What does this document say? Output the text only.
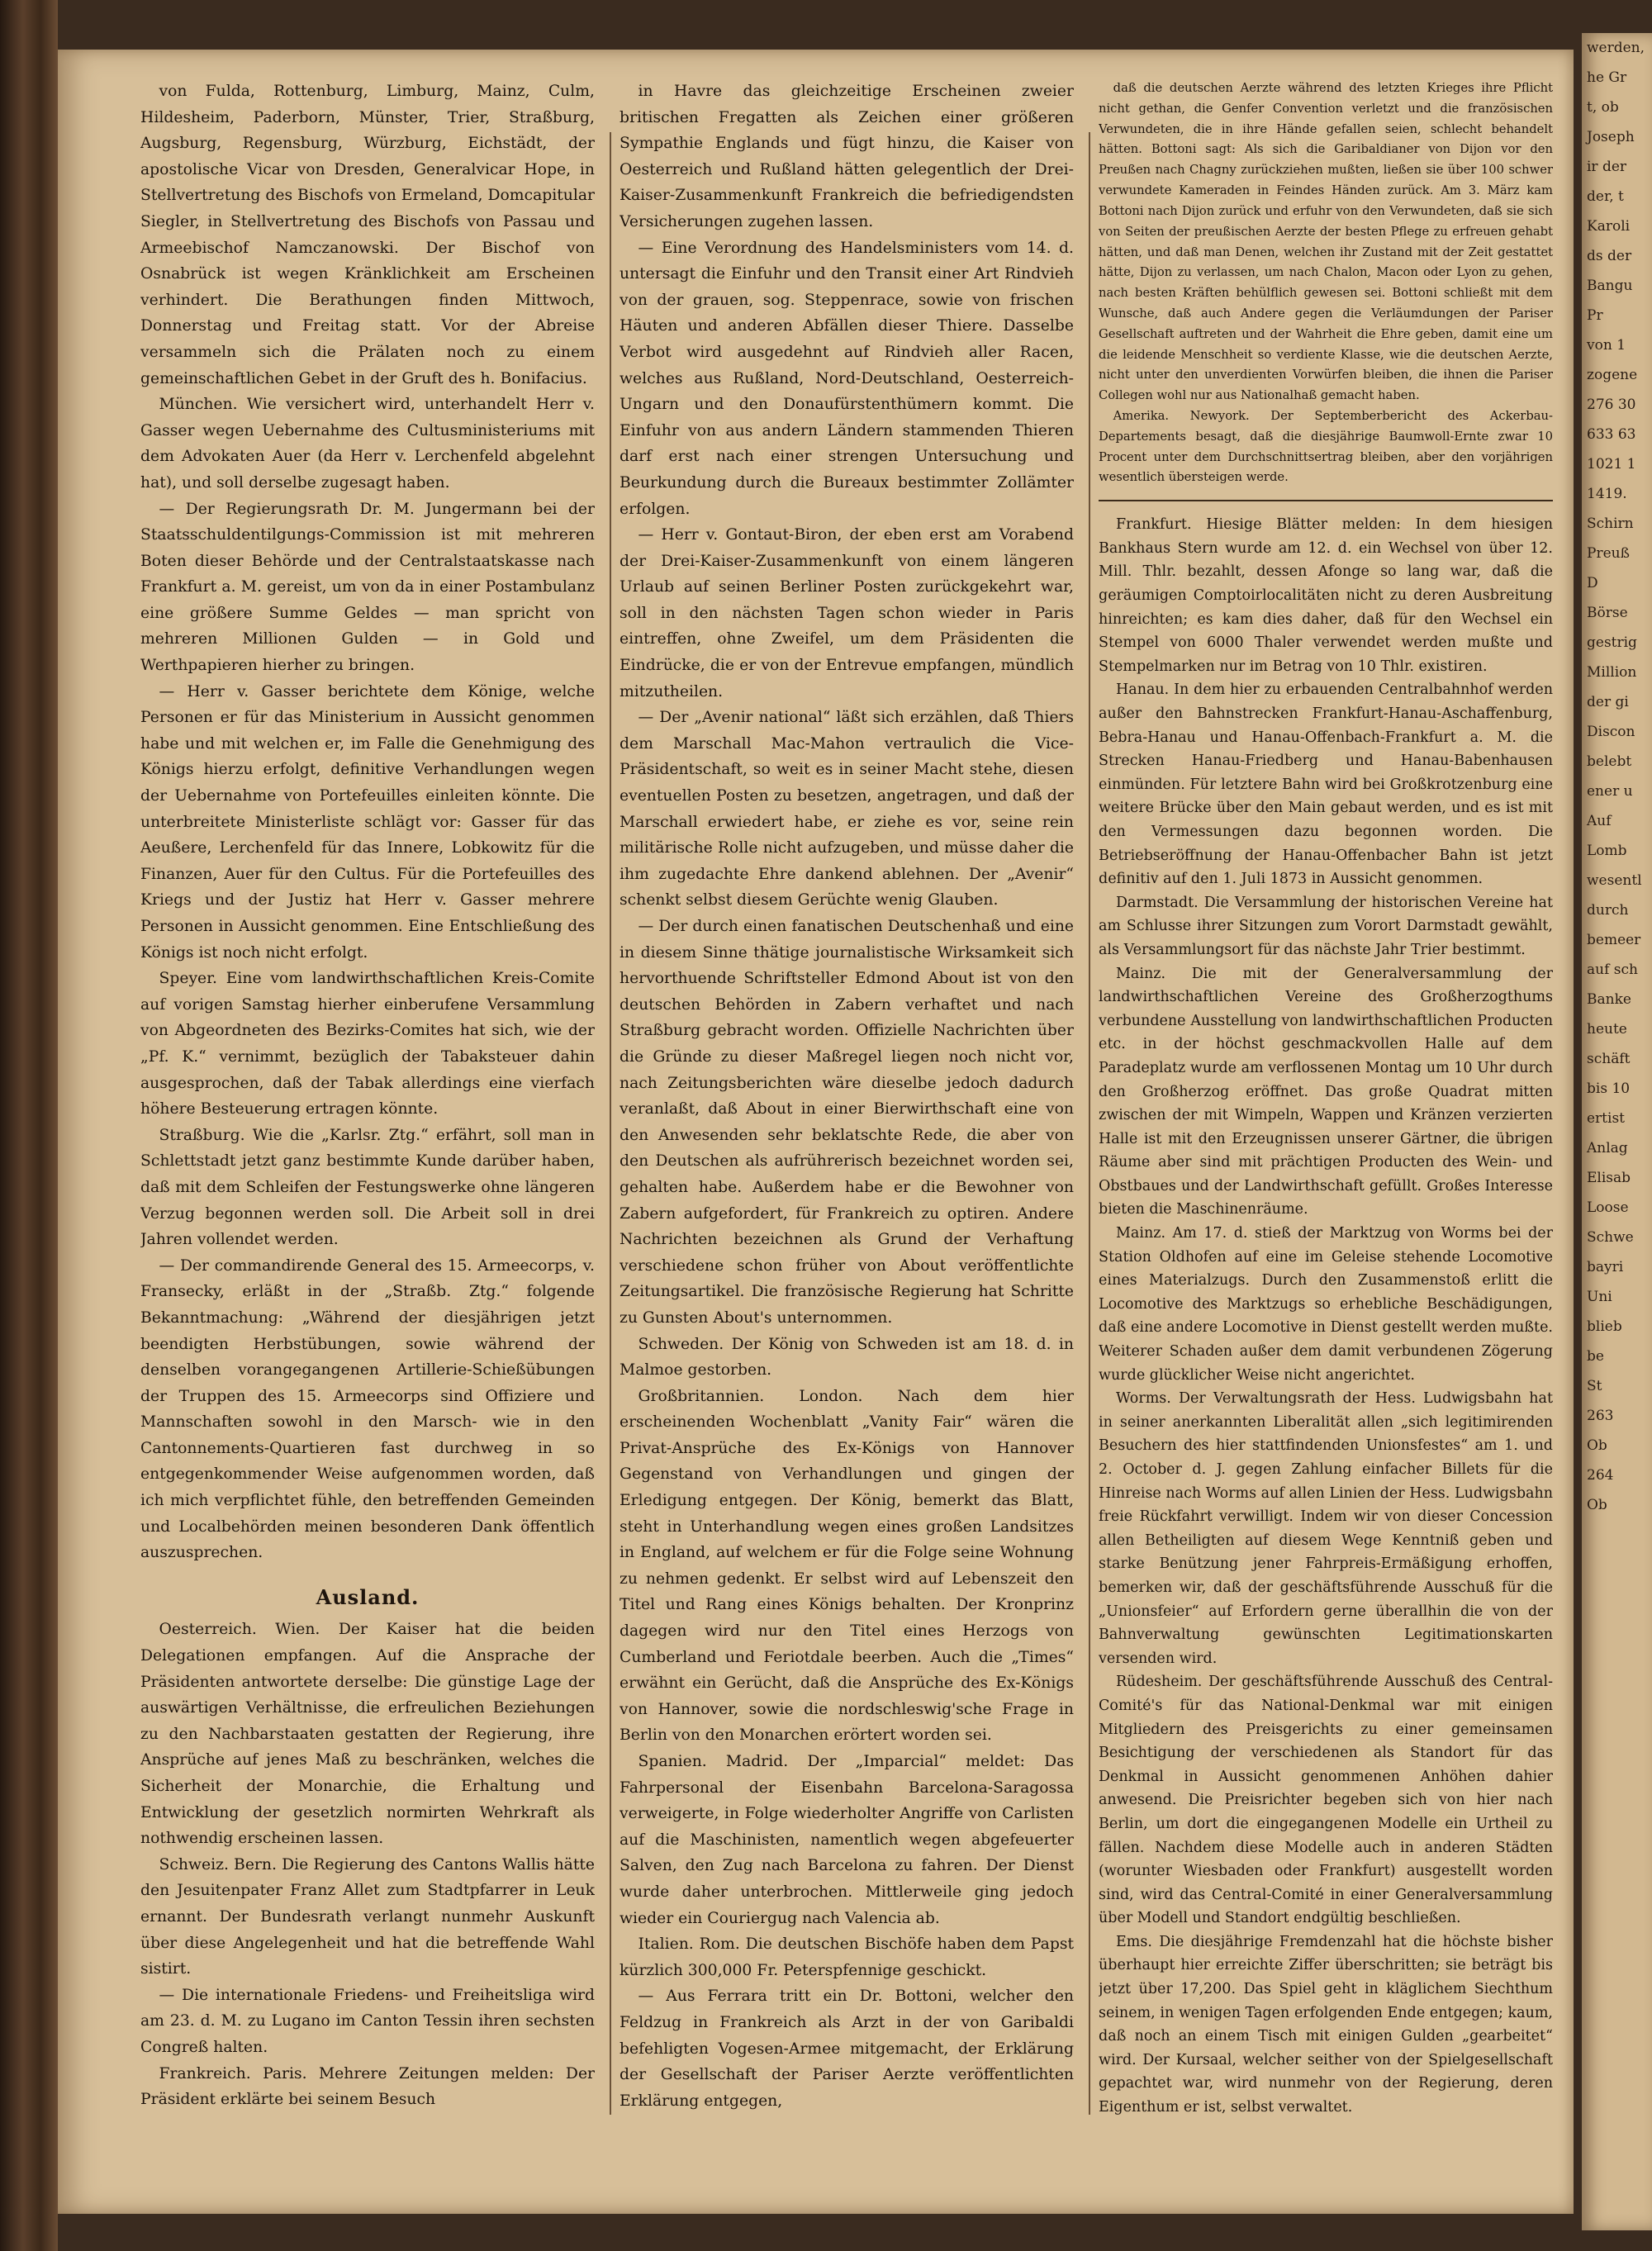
werden,
he Gr
t, ob
Joseph
ir der
der, t
Karoli
ds der
Bangu
Pr
von 1
zogene
276 30
633 63
1021 1
1419.
Schirn
Preuß
D
Börse
gestrig
Million
der gi
Discon
belebt
ener u
Auf
Lomb
wesentl
durch
bemeer
auf sch
Banke
heute
schäft
bis 10
ertist
Anlag
Elisab
Loose
Schwe
bayri
Uni
blieb
be
St
263
Ob
264
Ob

von Fulda, Rottenburg, Limburg, Mainz, Culm, Hildesheim, Paderborn, Münster, Trier, Straßburg, Augsburg, Regensburg, Würzburg, Eichstädt, der apostolische Vicar von Dresden, Generalvicar Hope, in Stellvertretung des Bischofs von Ermeland, Domcapitular Siegler, in Stellvertretung des Bischofs von Passau und Armeebischof Namczanowski. Der Bischof von Osnabrück ist wegen Kränklichkeit am Erscheinen verhindert. Die Berathungen finden Mittwoch, Donnerstag und Freitag statt. Vor der Abreise versammeln sich die Prälaten noch zu einem gemeinschaftlichen Gebet in der Gruft des h. Bonifacius.

München. Wie versichert wird, unterhandelt Herr v. Gasser wegen Uebernahme des Cultusministeriums mit dem Advokaten Auer (da Herr v. Lerchenfeld abgelehnt hat), und soll derselbe zugesagt haben.

— Der Regierungsrath Dr. M. Jungermann bei der Staatsschuldentilgungs-Commission ist mit mehreren Boten dieser Behörde und der Centralstaatskasse nach Frankfurt a. M. gereist, um von da in einer Postambulanz eine größere Summe Geldes — man spricht von mehreren Millionen Gulden — in Gold und Werthpapieren hierher zu bringen.

— Herr v. Gasser berichtete dem Könige, welche Personen er für das Ministerium in Aussicht genommen habe und mit welchen er, im Falle die Genehmigung des Königs hierzu erfolgt, definitive Verhandlungen wegen der Uebernahme von Portefeuilles einleiten könnte. Die unterbreitete Ministerliste schlägt vor: Gasser für das Aeußere, Lerchenfeld für das Innere, Lobkowitz für die Finanzen, Auer für den Cultus. Für die Portefeuilles des Kriegs und der Justiz hat Herr v. Gasser mehrere Personen in Aussicht genommen. Eine Entschließung des Königs ist noch nicht erfolgt.

Speyer. Eine vom landwirthschaftlichen Kreis-Comite auf vorigen Samstag hierher einberufene Versammlung von Abgeordneten des Bezirks-Comites hat sich, wie der „Pf. K.“ vernimmt, bezüglich der Tabaksteuer dahin ausgesprochen, daß der Tabak allerdings eine vierfach höhere Besteuerung ertragen könnte.

Straßburg. Wie die „Karlsr. Ztg.“ erfährt, soll man in Schlettstadt jetzt ganz bestimmte Kunde darüber haben, daß mit dem Schleifen der Festungswerke ohne längeren Verzug begonnen werden soll. Die Arbeit soll in drei Jahren vollendet werden.

— Der commandirende General des 15. Armeecorps, v. Fransecky, erläßt in der „Straßb. Ztg.“ folgende Bekanntmachung: „Während der diesjährigen jetzt beendigten Herbstübungen, sowie während der denselben vorangegangenen Artillerie-Schießübungen der Truppen des 15. Armeecorps sind Offiziere und Mannschaften sowohl in den Marsch- wie in den Cantonnements-Quartieren fast durchweg in so entgegenkommender Weise aufgenommen worden, daß ich mich verpflichtet fühle, den betreffenden Gemeinden und Localbehörden meinen besonderen Dank öffentlich auszusprechen.

Ausland.

Oesterreich. Wien. Der Kaiser hat die beiden Delegationen empfangen. Auf die Ansprache der Präsidenten antwortete derselbe: Die günstige Lage der auswärtigen Verhältnisse, die erfreulichen Beziehungen zu den Nachbarstaaten gestatten der Regierung, ihre Ansprüche auf jenes Maß zu beschränken, welches die Sicherheit der Monarchie, die Erhaltung und Entwicklung der gesetzlich normirten Wehrkraft als nothwendig erscheinen lassen.

Schweiz. Bern. Die Regierung des Cantons Wallis hätte den Jesuitenpater Franz Allet zum Stadtpfarrer in Leuk ernannt. Der Bundesrath verlangt nunmehr Auskunft über diese Angelegenheit und hat die betreffende Wahl sistirt.

— Die internationale Friedens- und Freiheitsliga wird am 23. d. M. zu Lugano im Canton Tessin ihren sechsten Congreß halten.

Frankreich. Paris. Mehrere Zeitungen melden: Der Präsident erklärte bei seinem Besuch

in Havre das gleichzeitige Erscheinen zweier britischen Fregatten als Zeichen einer größeren Sympathie Englands und fügt hinzu, die Kaiser von Oesterreich und Rußland hätten gelegentlich der Drei-Kaiser-Zusammenkunft Frankreich die befriedigendsten Versicherungen zugehen lassen.

— Eine Verordnung des Handelsministers vom 14. d. untersagt die Einfuhr und den Transit einer Art Rindvieh von der grauen, sog. Steppenrace, sowie von frischen Häuten und anderen Abfällen dieser Thiere. Dasselbe Verbot wird ausgedehnt auf Rindvieh aller Racen, welches aus Rußland, Nord-Deutschland, Oesterreich-Ungarn und den Donaufürstenthümern kommt. Die Einfuhr von aus andern Ländern stammenden Thieren darf erst nach einer strengen Untersuchung und Beurkundung durch die Bureaux bestimmter Zollämter erfolgen.

— Herr v. Gontaut-Biron, der eben erst am Vorabend der Drei-Kaiser-Zusammenkunft von einem längeren Urlaub auf seinen Berliner Posten zurückgekehrt war, soll in den nächsten Tagen schon wieder in Paris eintreffen, ohne Zweifel, um dem Präsidenten die Eindrücke, die er von der Entrevue empfangen, mündlich mitzutheilen.

— Der „Avenir national“ läßt sich erzählen, daß Thiers dem Marschall Mac-Mahon vertraulich die Vice-Präsidentschaft, so weit es in seiner Macht stehe, diesen eventuellen Posten zu besetzen, angetragen, und daß der Marschall erwiedert habe, er ziehe es vor, seine rein militärische Rolle nicht aufzugeben, und müsse daher die ihm zugedachte Ehre dankend ablehnen. Der „Avenir“ schenkt selbst diesem Gerüchte wenig Glauben.

— Der durch einen fanatischen Deutschenhaß und eine in diesem Sinne thätige journalistische Wirksamkeit sich hervorthuende Schriftsteller Edmond About ist von den deutschen Behörden in Zabern verhaftet und nach Straßburg gebracht worden. Offizielle Nachrichten über die Gründe zu dieser Maßregel liegen noch nicht vor, nach Zeitungsberichten wäre dieselbe jedoch dadurch veranlaßt, daß About in einer Bierwirthschaft eine von den Anwesenden sehr beklatschte Rede, die aber von den Deutschen als aufrührerisch bezeichnet worden sei, gehalten habe. Außerdem habe er die Bewohner von Zabern aufgefordert, für Frankreich zu optiren. Andere Nachrichten bezeichnen als Grund der Verhaftung verschiedene schon früher von About veröffentlichte Zeitungsartikel. Die französische Regierung hat Schritte zu Gunsten About's unternommen.

Schweden. Der König von Schweden ist am 18. d. in Malmoe gestorben.

Großbritannien. London. Nach dem hier erscheinenden Wochenblatt „Vanity Fair“ wären die Privat-Ansprüche des Ex-Königs von Hannover Gegenstand von Verhandlungen und gingen der Erledigung entgegen. Der König, bemerkt das Blatt, steht in Unterhandlung wegen eines großen Landsitzes in England, auf welchem er für die Folge seine Wohnung zu nehmen gedenkt. Er selbst wird auf Lebenszeit den Titel und Rang eines Königs behalten. Der Kronprinz dagegen wird nur den Titel eines Herzogs von Cumberland und Feriotdale beerben. Auch die „Times“ erwähnt ein Gerücht, daß die Ansprüche des Ex-Königs von Hannover, sowie die nordschleswig'sche Frage in Berlin von den Monarchen erörtert worden sei.

Spanien. Madrid. Der „Imparcial“ meldet: Das Fahrpersonal der Eisenbahn Barcelona-Saragossa verweigerte, in Folge wiederholter Angriffe von Carlisten auf die Maschinisten, namentlich wegen abgefeuerter Salven, den Zug nach Barcelona zu fahren. Der Dienst wurde daher unterbrochen. Mittlerweile ging jedoch wieder ein Couriergug nach Valencia ab.

Italien. Rom. Die deutschen Bischöfe haben dem Papst kürzlich 300,000 Fr. Peterspfennige geschickt.

— Aus Ferrara tritt ein Dr. Bottoni, welcher den Feldzug in Frankreich als Arzt in der von Garibaldi befehligten Vogesen-Armee mitgemacht, der Erklärung der Gesellschaft der Pariser Aerzte veröffentlichten Erklärung entgegen,

daß die deutschen Aerzte während des letzten Krieges ihre Pflicht nicht gethan, die Genfer Convention verletzt und die französischen Verwundeten, die in ihre Hände gefallen seien, schlecht behandelt hätten. Bottoni sagt: Als sich die Garibaldianer von Dijon vor den Preußen nach Chagny zurückziehen mußten, ließen sie über 100 schwer verwundete Kameraden in Feindes Händen zurück. Am 3. März kam Bottoni nach Dijon zurück und erfuhr von den Verwundeten, daß sie sich von Seiten der preußischen Aerzte der besten Pflege zu erfreuen gehabt hätten, und daß man Denen, welchen ihr Zustand mit der Zeit gestattet hätte, Dijon zu verlassen, um nach Chalon, Macon oder Lyon zu gehen, nach besten Kräften behülflich gewesen sei. Bottoni schließt mit dem Wunsche, daß auch Andere gegen die Verläumdungen der Pariser Gesellschaft auftreten und der Wahrheit die Ehre geben, damit eine um die leidende Menschheit so verdiente Klasse, wie die deutschen Aerzte, nicht unter den unverdienten Vorwürfen bleiben, die ihnen die Pariser Collegen wohl nur aus Nationalhaß gemacht haben.

Amerika. Newyork. Der Septemberbericht des Ackerbau-Departements besagt, daß die diesjährige Baumwoll-Ernte zwar 10 Procent unter dem Durchschnittsertrag bleiben, aber den vorjährigen wesentlich übersteigen werde.

Frankfurt. Hiesige Blätter melden: In dem hiesigen Bankhaus Stern wurde am 12. d. ein Wechsel von über 12. Mill. Thlr. bezahlt, dessen Afonge so lang war, daß die geräumigen Comptoirlocalitäten nicht zu deren Ausbreitung hinreichten; es kam dies daher, daß für den Wechsel ein Stempel von 6000 Thaler verwendet werden mußte und Stempelmarken nur im Betrag von 10 Thlr. existiren.

Hanau. In dem hier zu erbauenden Centralbahnhof werden außer den Bahnstrecken Frankfurt-Hanau-Aschaffenburg, Bebra-Hanau und Hanau-Offenbach-Frankfurt a. M. die Strecken Hanau-Friedberg und Hanau-Babenhausen einmünden. Für letztere Bahn wird bei Großkrotzenburg eine weitere Brücke über den Main gebaut werden, und es ist mit den Vermessungen dazu begonnen worden. Die Betriebseröffnung der Hanau-Offenbacher Bahn ist jetzt definitiv auf den 1. Juli 1873 in Aussicht genommen.

Darmstadt. Die Versammlung der historischen Vereine hat am Schlusse ihrer Sitzungen zum Vorort Darmstadt gewählt, als Versammlungsort für das nächste Jahr Trier bestimmt.

Mainz. Die mit der Generalversammlung der landwirthschaftlichen Vereine des Großherzogthums verbundene Ausstellung von landwirthschaftlichen Producten etc. in der höchst geschmackvollen Halle auf dem Paradeplatz wurde am verflossenen Montag um 10 Uhr durch den Großherzog eröffnet. Das große Quadrat mitten zwischen der mit Wimpeln, Wappen und Kränzen verzierten Halle ist mit den Erzeugnissen unserer Gärtner, die übrigen Räume aber sind mit prächtigen Producten des Wein- und Obstbaues und der Landwirthschaft gefüllt. Großes Interesse bieten die Maschinenräume.

Mainz. Am 17. d. stieß der Marktzug von Worms bei der Station Oldhofen auf eine im Geleise stehende Locomotive eines Materialzugs. Durch den Zusammenstoß erlitt die Locomotive des Marktzugs so erhebliche Beschädigungen, daß eine andere Locomotive in Dienst gestellt werden mußte. Weiterer Schaden außer dem damit verbundenen Zögerung wurde glücklicher Weise nicht angerichtet.

Worms. Der Verwaltungsrath der Hess. Ludwigsbahn hat in seiner anerkannten Liberalität allen „sich legitimirenden Besuchern des hier stattfindenden Unionsfestes“ am 1. und 2. October d. J. gegen Zahlung einfacher Billets für die Hinreise nach Worms auf allen Linien der Hess. Ludwigsbahn freie Rückfahrt verwilligt. Indem wir von dieser Concession allen Betheiligten auf diesem Wege Kenntniß geben und starke Benützung jener Fahrpreis-Ermäßigung erhoffen, bemerken wir, daß der geschäftsführende Ausschuß für die „Unionsfeier“ auf Erfordern gerne überallhin die von der Bahnverwaltung gewünschten Legitimationskarten versenden wird.

Rüdesheim. Der geschäftsführende Ausschuß des Central-Comité's für das National-Denkmal war mit einigen Mitgliedern des Preisgerichts zu einer gemeinsamen Besichtigung der verschiedenen als Standort für das Denkmal in Aussicht genommenen Anhöhen dahier anwesend. Die Preisrichter begeben sich von hier nach Berlin, um dort die eingegangenen Modelle ein Urtheil zu fällen. Nachdem diese Modelle auch in anderen Städten (worunter Wiesbaden oder Frankfurt) ausgestellt worden sind, wird das Central-Comité in einer Generalversammlung über Modell und Standort endgültig beschließen.

Ems. Die diesjährige Fremdenzahl hat die höchste bisher überhaupt hier erreichte Ziffer überschritten; sie beträgt bis jetzt über 17,200. Das Spiel geht in kläglichem Siechthum seinem, in wenigen Tagen erfolgenden Ende entgegen; kaum, daß noch an einem Tisch mit einigen Gulden „gearbeitet“ wird. Der Kursaal, welcher seither von der Spielgesellschaft gepachtet war, wird nunmehr von der Regierung, deren Eigenthum er ist, selbst verwaltet.
